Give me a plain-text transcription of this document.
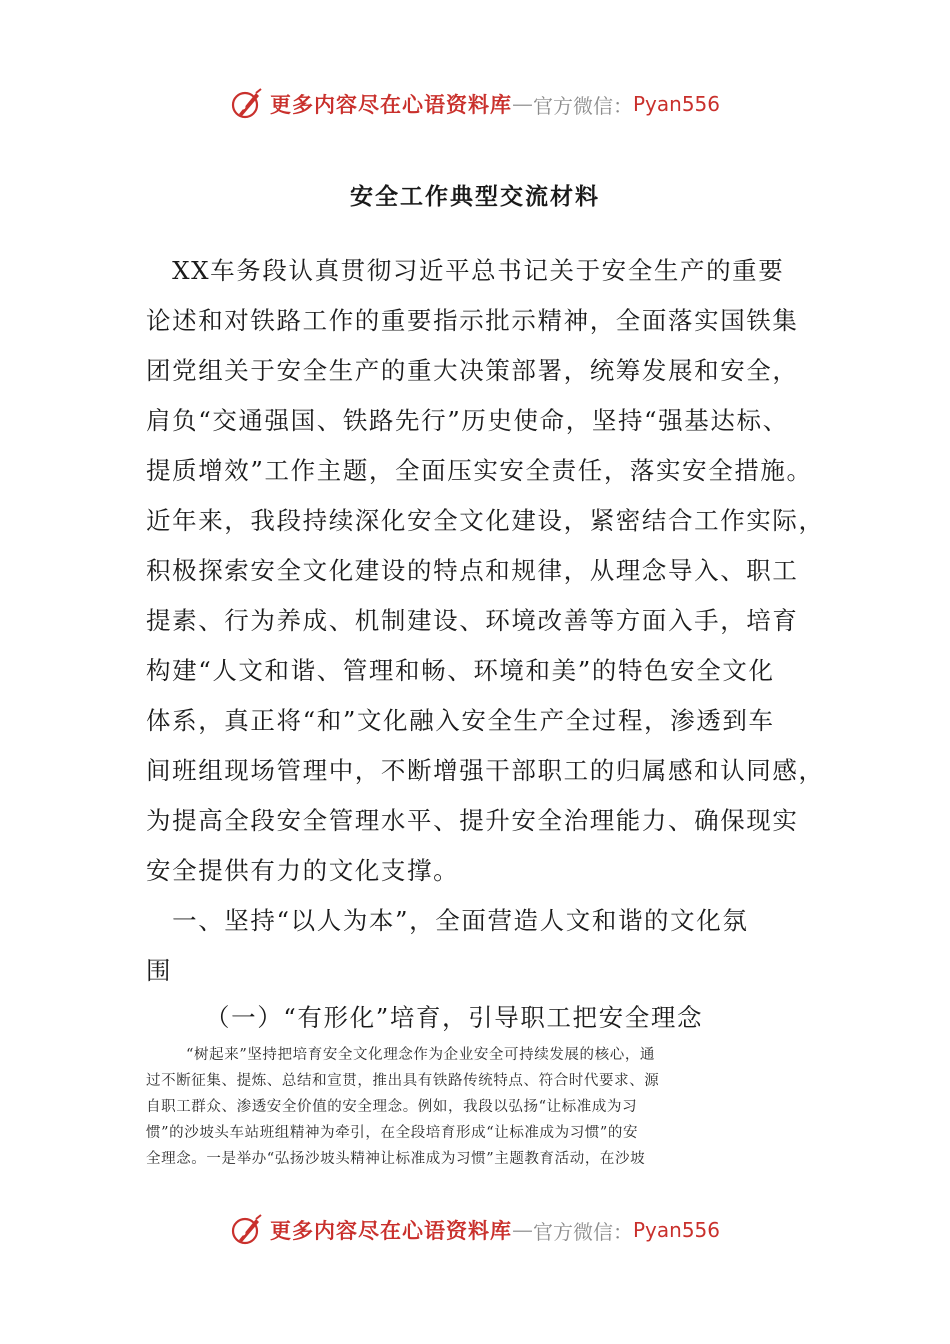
更多内容尽在心语资料库 — 官方微信： Pyan556
安全工作典型交流材料
　XX车务段认真贯彻习近平总书记关于安全生产的重要
论述和对铁路工作的重要指示批示精神，全面落实国铁集
团党组关于安全生产的重大决策部署，统筹发展和安全，
肩负“交通强国、铁路先行”历史使命，坚持“强基达标、
提质增效”工作主题，全面压实安全责任，落实安全措施。
近年来，我段持续深化安全文化建设，紧密结合工作实际，
积极探索安全文化建设的特点和规律，从理念导入、职工
提素、行为养成、机制建设、环境改善等方面入手，培育
构建“人文和谐、管理和畅、环境和美”的特色安全文化
体系，真正将“和”文化融入安全生产全过程，渗透到车
间班组现场管理中，不断增强干部职工的归属感和认同感，
为提高全段安全管理水平、提升安全治理能力、确保现实
安全提供有力的文化支撑。
　一、坚持“以人为本”，全面营造人文和谐的文化氛
围
（一）“有形化”培育，引导职工把安全理念
“树起来”坚持把培育安全文化理念作为企业安全可持续发展的核心，通
过不断征集、提炼、总结和宣贯，推出具有铁路传统特点、符合时代要求、源
自职工群众、渗透安全价值的安全理念。例如，我段以弘扬“让标准成为习
惯”的沙坡头车站班组精神为牵引，在全段培育形成“让标准成为习惯”的安
全理念。一是举办“弘扬沙坡头精神让标准成为习惯”主题教育活动，在沙坡
更多内容尽在心语资料库 — 官方微信： Pyan556
